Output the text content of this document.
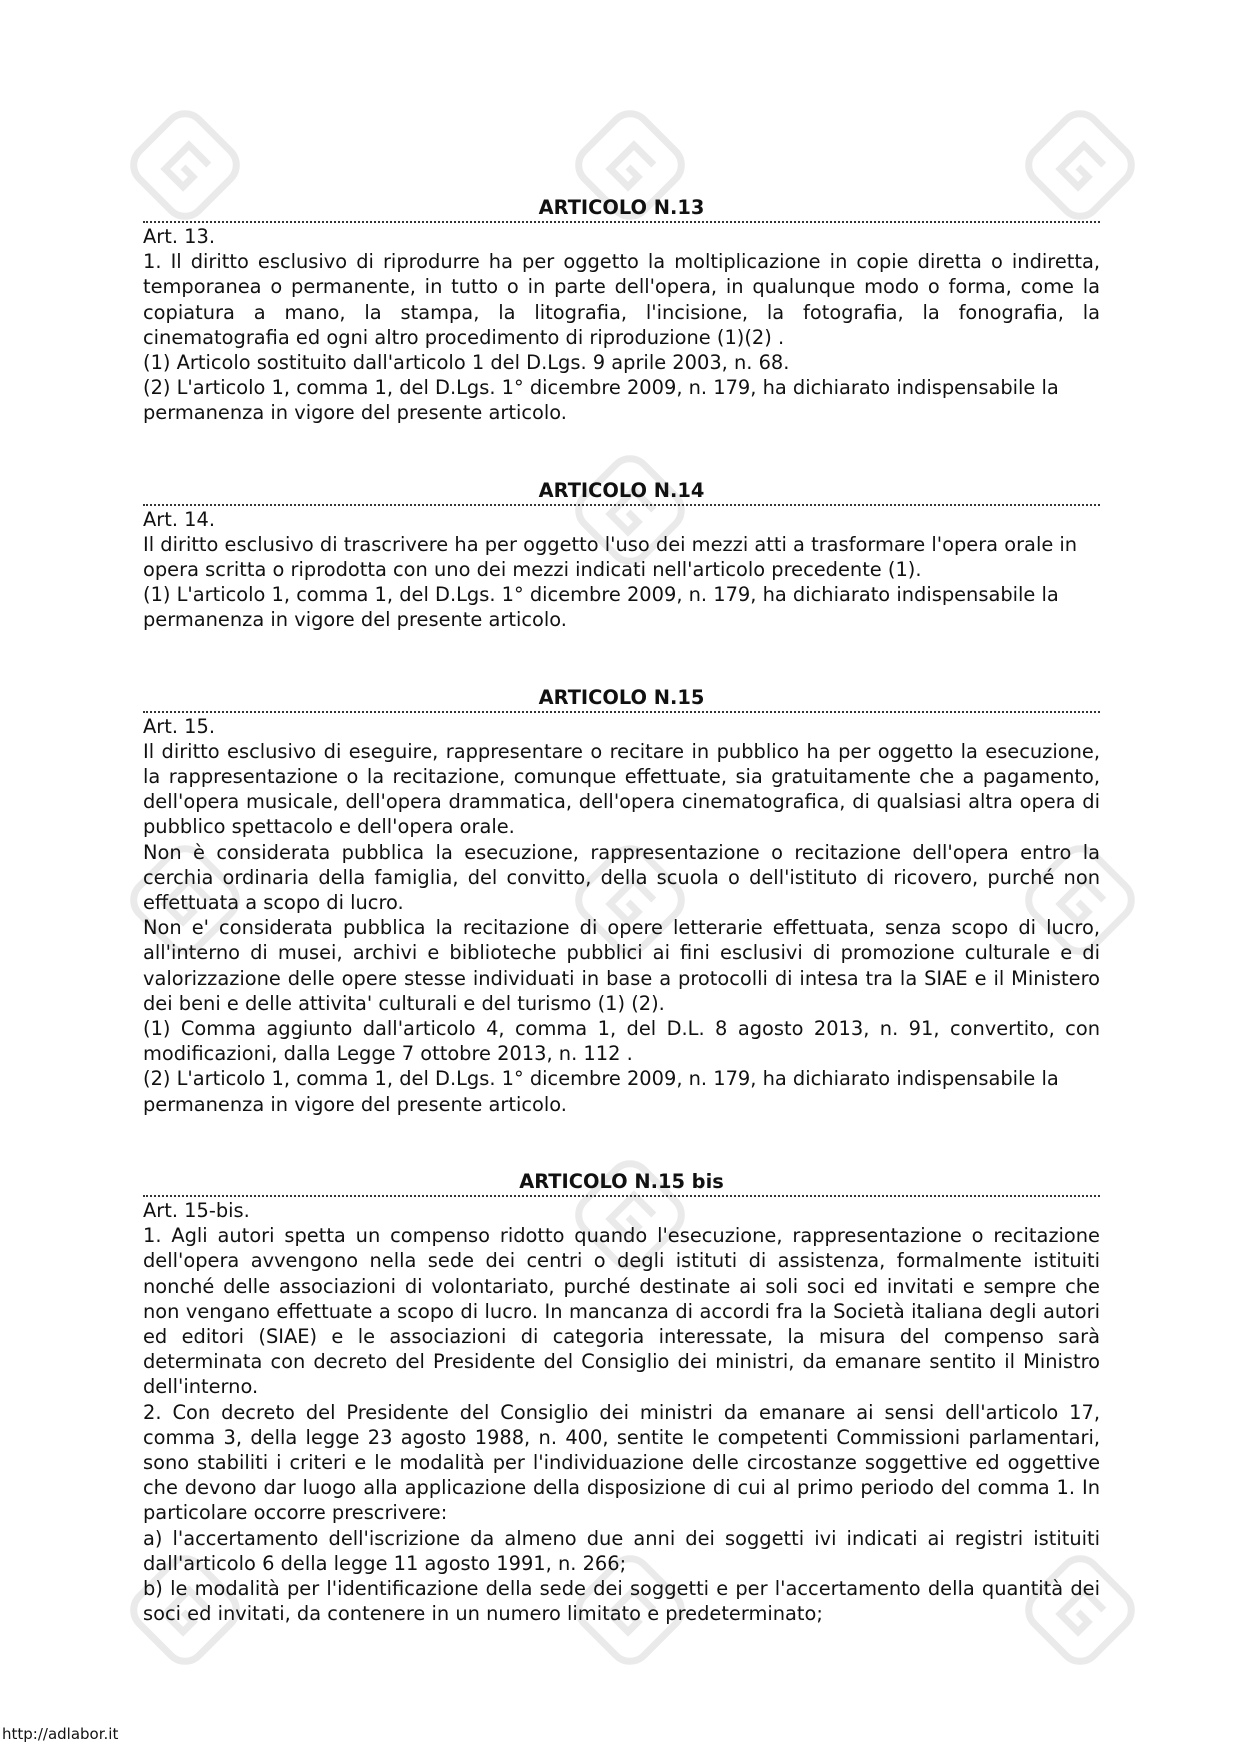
ARTICOLO N.13

Art. 13.

1. Il diritto esclusivo di riprodurre ha per oggetto la moltiplicazione in copie diretta o indiretta, temporanea o permanente, in tutto o in parte dell'opera, in qualunque modo o forma, come la copiatura a mano, la stampa, la litografia, l'incisione, la fotografia, la fonografia, la cinematografia ed ogni altro procedimento di riproduzione (1)(2) .

(1) Articolo sostituito dall'articolo 1 del D.Lgs. 9 aprile 2003, n. 68.

(2) L'articolo 1, comma 1, del D.Lgs. 1° dicembre 2009, n. 179, ha dichiarato indispensabile la permanenza in vigore del presente articolo.

ARTICOLO N.14

Art. 14.

Il diritto esclusivo di trascrivere ha per oggetto l'uso dei mezzi atti a trasformare l'opera orale in opera scritta o riprodotta con uno dei mezzi indicati nell'articolo precedente (1).

(1) L'articolo 1, comma 1, del D.Lgs. 1° dicembre 2009, n. 179, ha dichiarato indispensabile la permanenza in vigore del presente articolo.

ARTICOLO N.15

Art. 15.

Il diritto esclusivo di eseguire, rappresentare o recitare in pubblico ha per oggetto la esecuzione, la rappresentazione o la recitazione, comunque effettuate, sia gratuitamente che a pagamento, dell'opera musicale, dell'opera drammatica, dell'opera cinematografica, di qualsiasi altra opera di pubblico spettacolo e dell'opera orale.

Non è considerata pubblica la esecuzione, rappresentazione o recitazione dell'opera entro la cerchia ordinaria della famiglia, del convitto, della scuola o dell'istituto di ricovero, purché non effettuata a scopo di lucro.

Non e' considerata pubblica la recitazione di opere letterarie effettuata, senza scopo di lucro, all'interno di musei, archivi e biblioteche pubblici ai fini esclusivi di promozione culturale e di valorizzazione delle opere stesse individuati in base a protocolli di intesa tra la SIAE e il Ministero dei beni e delle attivita' culturali e del turismo (1) (2).

(1) Comma aggiunto dall'articolo 4, comma 1, del D.L. 8 agosto 2013, n. 91, convertito, con modificazioni, dalla Legge 7 ottobre 2013, n. 112 .

(2) L'articolo 1, comma 1, del D.Lgs. 1° dicembre 2009, n. 179, ha dichiarato indispensabile la permanenza in vigore del presente articolo.

ARTICOLO N.15 bis

Art. 15-bis.

1. Agli autori spetta un compenso ridotto quando l'esecuzione, rappresentazione o recitazione dell'opera avvengono nella sede dei centri o degli istituti di assistenza, formalmente istituiti nonché delle associazioni di volontariato, purché destinate ai soli soci ed invitati e sempre che non vengano effettuate a scopo di lucro. In mancanza di accordi fra la Società italiana degli autori ed editori (SIAE) e le associazioni di categoria interessate, la misura del compenso sarà determinata con decreto del Presidente del Consiglio dei ministri, da emanare sentito il Ministro dell'interno.

2. Con decreto del Presidente del Consiglio dei ministri da emanare ai sensi dell'articolo 17, comma 3, della legge 23 agosto 1988, n. 400, sentite le competenti Commissioni parlamentari, sono stabiliti i criteri e le modalità per l'individuazione delle circostanze soggettive ed oggettive che devono dar luogo alla applicazione della disposizione di cui al primo periodo del comma 1. In particolare occorre prescrivere:

a) l'accertamento dell'iscrizione da almeno due anni dei soggetti ivi indicati ai registri istituiti dall'articolo 6 della legge 11 agosto 1991, n. 266;

b) le modalità per l'identificazione della sede dei soggetti e per l'accertamento della quantità dei soci ed invitati, da contenere in un numero limitato e predeterminato;

http://adlabor.it
